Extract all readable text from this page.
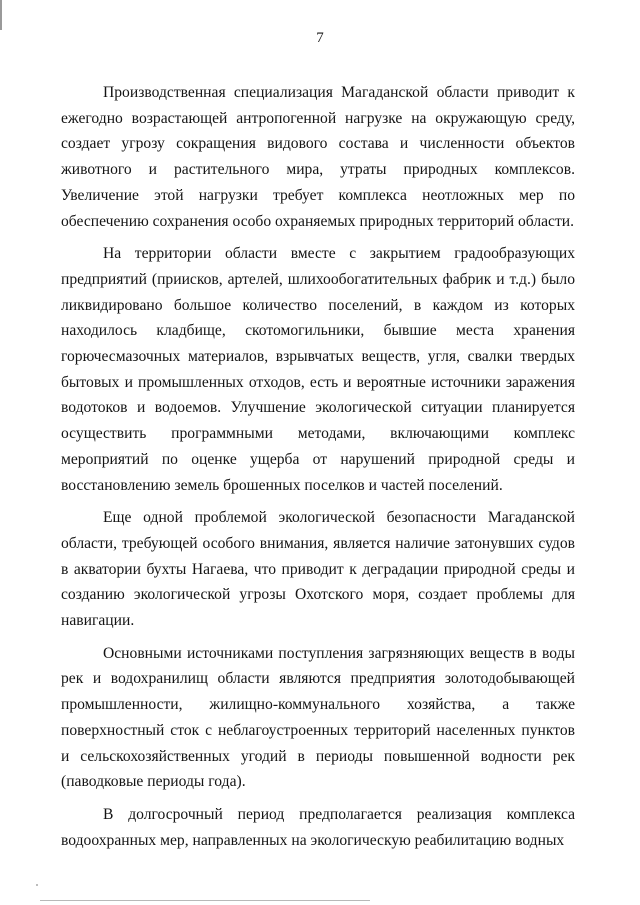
7

Производственная специализация Магаданской области приводит к ежегодно возрастающей антропогенной нагрузке на окружающую среду, создает угрозу сокращения видового состава и численности объектов животного и растительного мира, утраты природных комплексов. Увеличение этой нагрузки требует комплекса неотложных мер по обеспечению сохранения особо охраняемых природных территорий области.

На территории области вместе с закрытием градообразующих предприятий (приисков, артелей, шлихообогатительных фабрик и т.д.) было ликвидировано большое количество поселений, в каждом из которых находилось кладбище, скотомогильники, бывшие места хранения горючесмазочных материалов, взрывчатых веществ, угля, свалки твердых бытовых и промышленных отходов, есть и вероятные источники заражения водотоков и водоемов. Улучшение экологической ситуации планируется осуществить программными методами, включающими комплекс мероприятий по оценке ущерба от нарушений природной среды и восстановлению земель брошенных поселков и частей поселений.

Еще одной проблемой экологической безопасности Магаданской области, требующей особого внимания, является наличие затонувших судов в акватории бухты Нагаева, что приводит к деградации природной среды и созданию экологической угрозы Охотского моря, создает проблемы для навигации.

Основными источниками поступления загрязняющих веществ в воды рек и водохранилищ области являются предприятия золотодобывающей промышленности, жилищно-коммунального хозяйства, а также поверхностный сток с неблагоустроенных территорий населенных пунктов и сельскохозяйственных угодий в периоды повышенной водности рек (паводковые периоды года).

В долгосрочный период предполагается реализация комплекса водоохранных мер, направленных на экологическую реабилитацию водных
